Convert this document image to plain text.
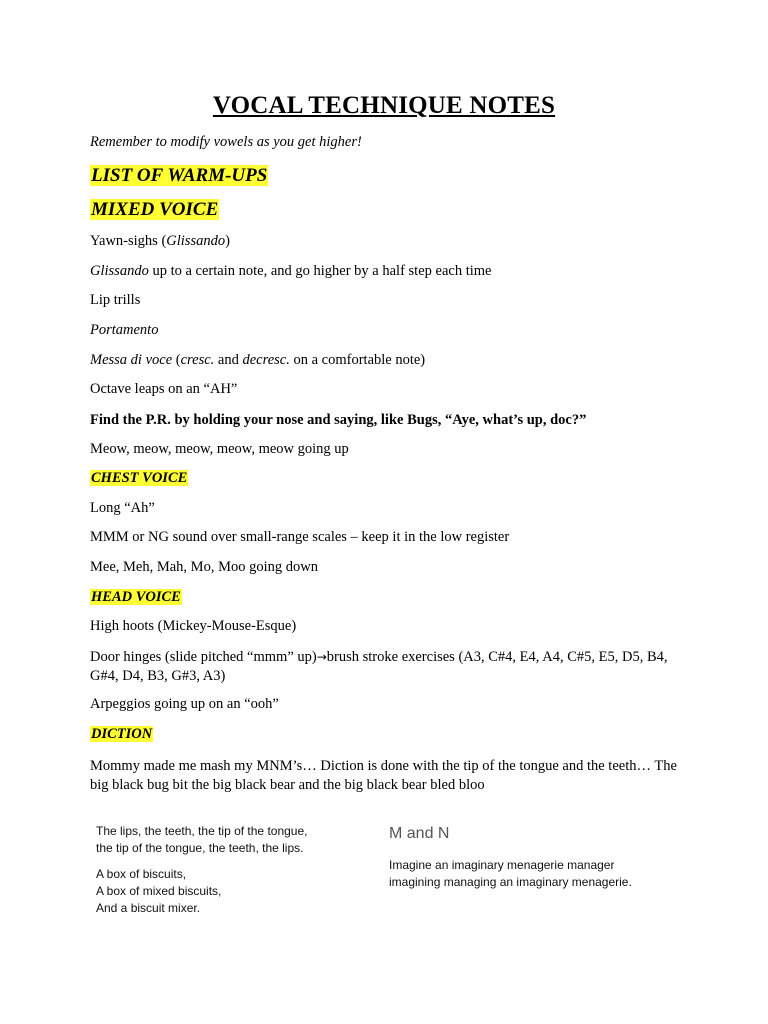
VOCAL TECHNIQUE NOTES
Remember to modify vowels as you get higher!
LIST OF WARM-UPS
MIXED VOICE
Yawn-sighs (Glissando)
Glissando up to a certain note, and go higher by a half step each time
Lip trills
Portamento
Messa di voce (cresc. and decresc. on a comfortable note)
Octave leaps on an “AH”
Find the P.R. by holding your nose and saying, like Bugs, “Aye, what’s up, doc?”
Meow, meow, meow, meow, meow going up
CHEST VOICE
Long “Ah”
MMM or NG sound over small-range scales – keep it in the low register
Mee, Meh, Mah, Mo, Moo going down
HEAD VOICE
High hoots (Mickey-Mouse-Esque)
Door hinges (slide pitched “mmm” up)→brush stroke exercises (A3, C#4, E4, A4, C#5, E5, D5, B4, G#4, D4, B3, G#3, A3)
Arpeggios going up on an “ooh”
DICTION
Mommy made me mash my MNM’s… Diction is done with the tip of the tongue and the teeth… The big black bug bit the big black bear and the big black bear bled bloo
The lips, the teeth, the tip of the tongue,
the tip of the tongue, the teeth, the lips.
A box of biscuits,
A box of mixed biscuits,
And a biscuit mixer.
M and N
Imagine an imaginary menagerie manager
imagining managing an imaginary menagerie.
